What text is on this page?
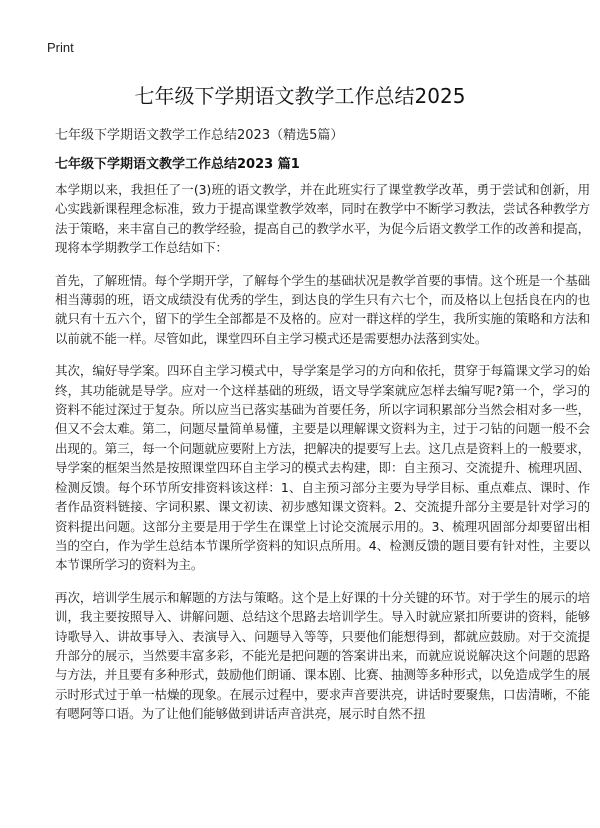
Print
七年级下学期语文教学工作总结2025
七年级下学期语文教学工作总结2023（精选5篇）
七年级下学期语文教学工作总结2023 篇1

本学期以来，我担任了一(3)班的语文教学，并在此班实行了课堂教学改革，勇于尝试和创新，用心实践新课程理念标准，致力于提高课堂教学效率，同时在教学中不断学习教法，尝试各种教学方法于策略，来丰富自己的教学经验，提高自己的教学水平，为促今后语文教学工作的改善和提高，现将本学期教学工作总结如下：

首先，了解班情。每个学期开学，了解每个学生的基础状况是教学首要的事情。这个班是一个基础相当薄弱的班，语文成绩没有优秀的学生，到达良的学生只有六七个，而及格以上包括良在内的也就只有十五六个，留下的学生全部都是不及格的。应对一群这样的学生，我所实施的策略和方法和以前就不能一样。尽管如此，课堂四环自主学习模式还是需要想办法落到实处。

其次，编好导学案。四环自主学习模式中，导学案是学习的方向和依托，贯穿于每篇课文学习的始终，其功能就是导学。应对一个这样基础的班级，语文导学案就应怎样去编写呢?第一个，学习的资料不能过深过于复杂。所以应当已落实基础为首要任务，所以字词积累部分当然会相对多一些，但又不会太难。第二，问题尽量简单易懂，主要是以理解课文资料为主，过于刁钻的问题一般不会出现的。第三，每一个问题就应要附上方法，把解决的提要写上去。这几点是资料上的一般要求，导学案的框架当然是按照课堂四环自主学习的模式去构建，即：自主预习、交流提升、梳理巩固、检测反馈。每个环节所安排资料该这样：1、自主预习部分主要为导学目标、重点难点、课时、作者作品资料链接、字词积累、课文初读、初步感知课文资料。2、交流提升部分主要是针对学习的资料提出问题。这部分主要是用于学生在课堂上讨论交流展示用的。3、梳理巩固部分却要留出相当的空白，作为学生总结本节课所学资料的知识点所用。4、检测反馈的题目要有针对性，主要以本节课所学习的资料为主。

再次，培训学生展示和解题的方法与策略。这个是上好课的十分关键的环节。对于学生的展示的培训，我主要按照导入、讲解问题、总结这个思路去培训学生。导入时就应紧扣所要讲的资料，能够诗歌导入、讲故事导入、表演导入、问题导入等等，只要他们能想得到，都就应鼓励。对于交流提升部分的展示，当然要丰富多彩，不能光是把问题的答案讲出来，而就应说说解决这个问题的思路与方法，并且要有多种形式，鼓励他们朗诵、课本剧、比赛、抽测等多种形式，以免造成学生的展示时形式过于单一枯燥的现象。在展示过程中，要求声音要洪亮，讲话时要聚焦，口齿清晰，不能有嗯阿等口语。为了让他们能够做到讲话声音洪亮，展示时自然不扭
